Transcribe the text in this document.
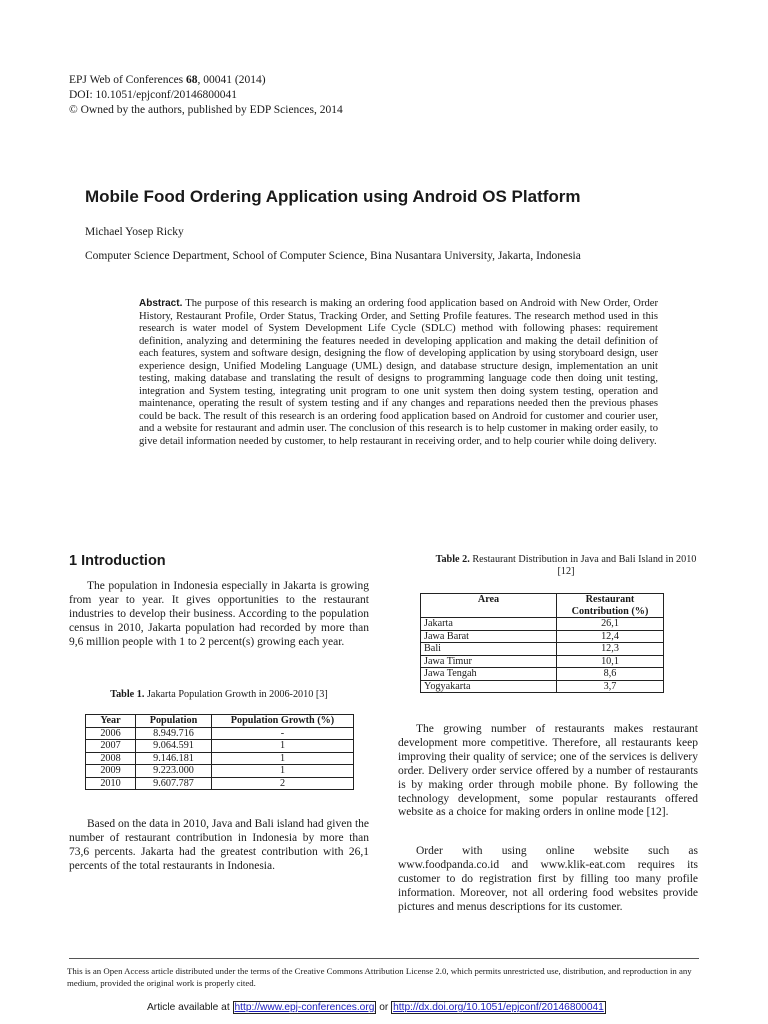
EPJ Web of Conferences 68, 00041 (2014)
DOI: 10.1051/epjconf/20146800041
© Owned by the authors, published by EDP Sciences, 2014
Mobile Food Ordering Application using Android OS Platform
Michael Yosep Ricky
Computer Science Department, School of Computer Science, Bina Nusantara University, Jakarta, Indonesia
Abstract. The purpose of this research is making an ordering food application based on Android with New Order, Order History, Restaurant Profile, Order Status, Tracking Order, and Setting Profile features. The research method used in this research is water model of System Development Life Cycle (SDLC) method with following phases: requirement definition, analyzing and determining the features needed in developing application and making the detail definition of each features, system and software design, designing the flow of developing application by using storyboard design, user experience design, Unified Modeling Language (UML) design, and database structure design, implementation an unit testing, making database and translating the result of designs to programming language code then doing unit testing, integration and System testing, integrating unit program to one unit system then doing system testing, operation and maintenance, operating the result of system testing and if any changes and reparations needed then the previous phases could be back. The result of this research is an ordering food application based on Android for customer and courier user, and a website for restaurant and admin user. The conclusion of this research is to help customer in making order easily, to give detail information needed by customer, to help restaurant in receiving order, and to help courier while doing delivery.
1 Introduction
The population in Indonesia especially in Jakarta is growing from year to year. It gives opportunities to the restaurant industries to develop their business. According to the population census in 2010, Jakarta population had recorded by more than 9,6 million people with 1 to 2 percent(s) growing each year.
Table 1. Jakarta Population Growth in 2006-2010 [3]
Year	Population	Population Growth (%)
2006	8.949.716	-
2007	9.064.591	1
2008	9.146.181	1
2009	9.223.000	1
2010	9.607.787	2
Based on the data in 2010, Java and Bali island had given the number of restaurant contribution in Indonesia by more than 73,6 percents. Jakarta had the greatest contribution with 26,1 percents of the total restaurants in Indonesia.
Table 2. Restaurant Distribution in Java and Bali Island in 2010 [12]
Area	Restaurant Contribution (%)
Jakarta	26,1
Jawa Barat	12,4
Bali	12,3
Jawa Timur	10,1
Jawa Tengah	8,6
Yogyakarta	3,7
The growing number of restaurants makes restaurant development more competitive. Therefore, all restaurants keep improving their quality of service; one of the services is delivery order. Delivery order service offered by a number of restaurants is by making order through mobile phone. By following the technology development, some popular restaurants offered website as a choice for making orders in online mode [12].
Order with using online website such as www.foodpanda.co.id and www.klik-eat.com requires its customer to do registration first by filling too many profile information. Moreover, not all ordering food websites provide pictures and menus descriptions for its customer.
This is an Open Access article distributed under the terms of the Creative Commons Attribution License 2.0, which permits unrestricted use, distribution, and reproduction in any medium, provided the original work is properly cited.
Article available at http://www.epj-conferences.org or http://dx.doi.org/10.1051/epjconf/20146800041
